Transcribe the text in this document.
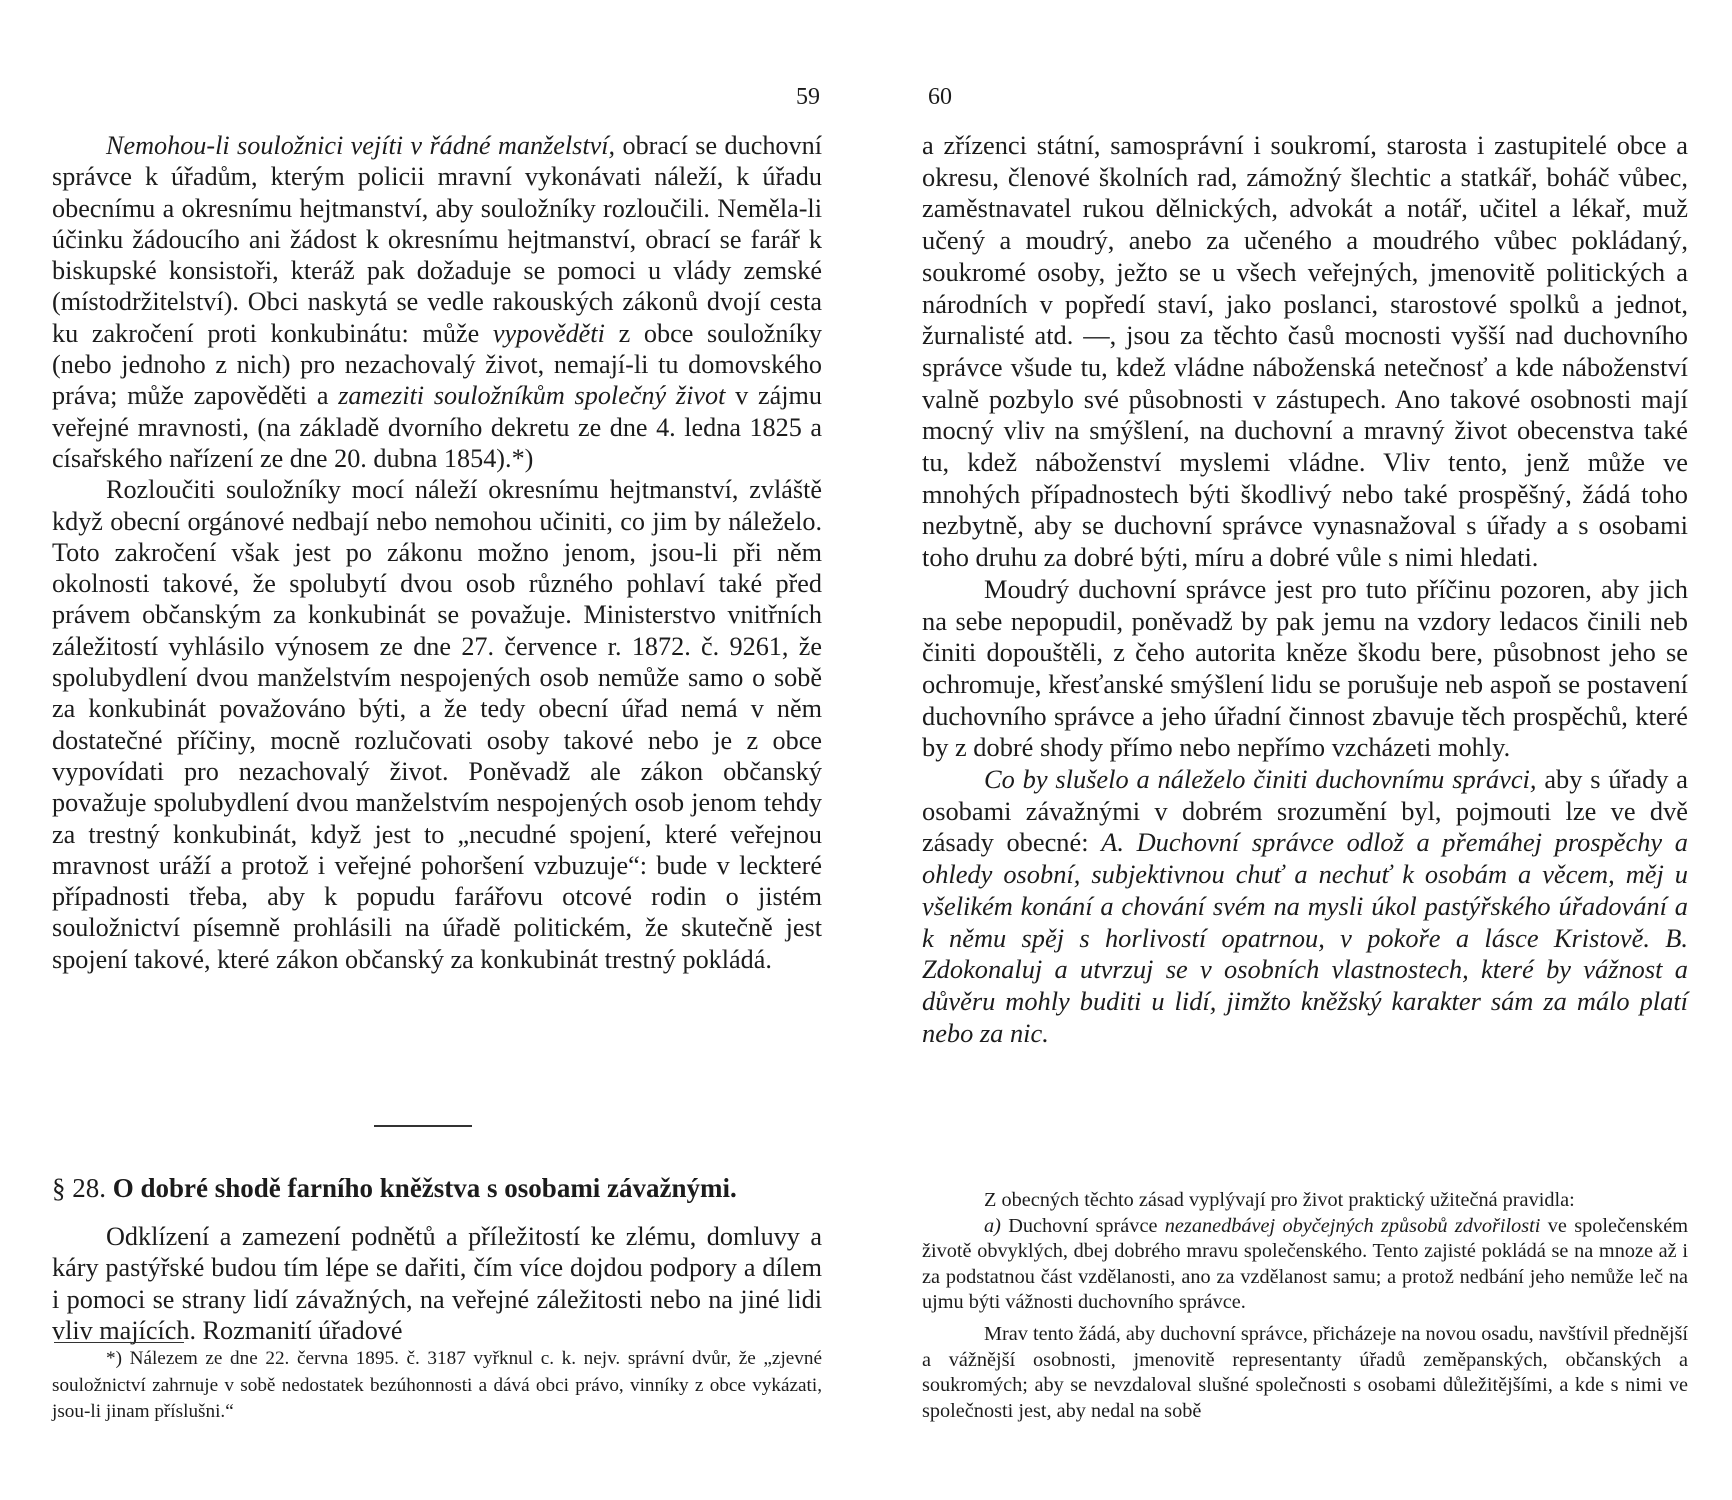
59

Nemohou-li souložnici vejíti v řádné manželství, obrací se duchovní správce k úřadům, kterým policii mravní vykonávati náleží, k úřadu obecnímu a okresnímu hejtmanství, aby souložníky rozloučili. Neměla-li účinku žádoucího ani žádost k okresnímu hejtmanství, obrací se farář k biskupské konsistoři, kteráž pak dožaduje se pomoci u vlády zemské (místodržitelství). Obci naskytá se vedle rakouských zákonů dvojí cesta ku zakročení proti konkubinátu: může vypověděti z obce souložníky (nebo jednoho z nich) pro nezachovalý život, nemají-li tu domovského práva; může zapověděti a zameziti souložníkům společný život v zájmu veřejné mravnosti, (na základě dvorního dekretu ze dne 4. ledna 1825 a císařského nařízení ze dne 20. dubna 1854).*)

Rozloučiti souložníky mocí náleží okresnímu hejtmanství, zvláště když obecní orgánové nedbají nebo nemohou učiniti, co jim by náleželo. Toto zakročení však jest po zákonu možno jenom, jsou-li při něm okolnosti takové, že spolubytí dvou osob různého pohlaví také před právem občanským za konkubinát se považuje. Ministerstvo vnitřních záležitostí vyhlásilo výnosem ze dne 27. července r. 1872. č. 9261, že spolubydlení dvou manželstvím nespojených osob nemůže samo o sobě za konkubinát považováno býti, a že tedy obecní úřad nemá v něm dostatečné příčiny, mocně rozlučovati osoby takové nebo je z obce vypovídati pro nezachovalý život. Poněvadž ale zákon občanský považuje spolubydlení dvou manželstvím nespojených osob jenom tehdy za trestný konkubinát, když jest to „necudné spojení, které veřejnou mravnost uráží a protož i veřejné pohoršení vzbuzuje“: bude v leckteré případnosti třeba, aby k popudu farářovu otcové rodin o jistém souložnictví písemně prohlásili na úřadě politickém, že skutečně jest spojení takové, které zákon občanský za konkubinát trestný pokládá.

§ 28. O dobré shodě farního kněžstva s osobami závažnými.

Odklízení a zamezení podnětů a příležitostí ke zlému, domluvy a káry pastýřské budou tím lépe se dařiti, čím více dojdou podpory a dílem i pomoci se strany lidí závažných, na veřejné záležitosti nebo na jiné lidi vliv majících. Rozmanití úřadové

*) Nálezem ze dne 22. června 1895. č. 3187 vyřknul c. k. nejv. správní dvůr, že „zjevné souložnictví zahrnuje v sobě nedostatek bezúhonnosti a dává obci právo, vinníky z obce vykázati, jsou-li jinam příslušni.“

60

a zřízenci státní, samosprávní i soukromí, starosta i zastupitelé obce a okresu, členové školních rad, zámožný šlechtic a statkář, boháč vůbec, zaměstnavatel rukou dělnických, advokát a notář, učitel a lékař, muž učený a moudrý, anebo za učeného a moudrého vůbec pokládaný, soukromé osoby, ježto se u všech veřejných, jmenovitě politických a národních v popředí staví, jako poslanci, starostové spolků a jednot, žurnalisté atd. —, jsou za těchto časů mocnosti vyšší nad duchovního správce všude tu, kdež vládne náboženská netečnosť a kde náboženství valně pozbylo své působnosti v zástupech. Ano takové osobnosti mají mocný vliv na smýšlení, na duchovní a mravný život obecenstva také tu, kdež náboženství myslemi vládne. Vliv tento, jenž může ve mnohých případnostech býti škodlivý nebo také prospěšný, žádá toho nezbytně, aby se duchovní správce vynasnažoval s úřady a s osobami toho druhu za dobré býti, míru a dobré vůle s nimi hledati.

Moudrý duchovní správce jest pro tuto příčinu pozoren, aby jich na sebe nepopudil, poněvadž by pak jemu na vzdory ledacos činili neb činiti dopouštěli, z čeho autorita kněze škodu bere, působnost jeho se ochromuje, křesťanské smýšlení lidu se porušuje neb aspoň se postavení duchovního správce a jeho úřadní činnost zbavuje těch prospěchů, které by z dobré shody přímo nebo nepřímo vzcházeti mohly.

Co by slušelo a náleželo činiti duchovnímu správci, aby s úřady a osobami závažnými v dobrém srozumění byl, pojmouti lze ve dvě zásady obecné: A. Duchovní správce odlož a přemáhej prospěchy a ohledy osobní, subjektivnou chuť a nechuť k osobám a věcem, měj u všelikém konání a chování svém na mysli úkol pastýřského úřadování a k němu spěj s horlivostí opatrnou, v pokoře a lásce Kristově. B. Zdokonaluj a utvrzuj se v osobních vlastnostech, které by vážnost a důvěru mohly buditi u lidí, jimžto kněžský karakter sám za málo platí nebo za nic.

Z obecných těchto zásad vyplývají pro život praktický užitečná pravidla:

a) Duchovní správce nezanedbávej obyčejných způsobů zdvořilosti ve společenském životě obvyklých, dbej dobrého mravu společenského. Tento zajisté pokládá se na mnoze až i za podstatnou část vzdělanosti, ano za vzdělanost samu; a protož nedbání jeho nemůže leč na ujmu býti vážnosti duchovního správce.

Mrav tento žádá, aby duchovní správce, přicházeje na novou osadu, navštívil přednější a vážnější osobnosti, jmenovitě representanty úřadů zeměpanských, občanských a soukromých; aby se nevzdaloval slušné společnosti s osobami důležitějšími, a kde s nimi ve společnosti jest, aby nedal na sobě
